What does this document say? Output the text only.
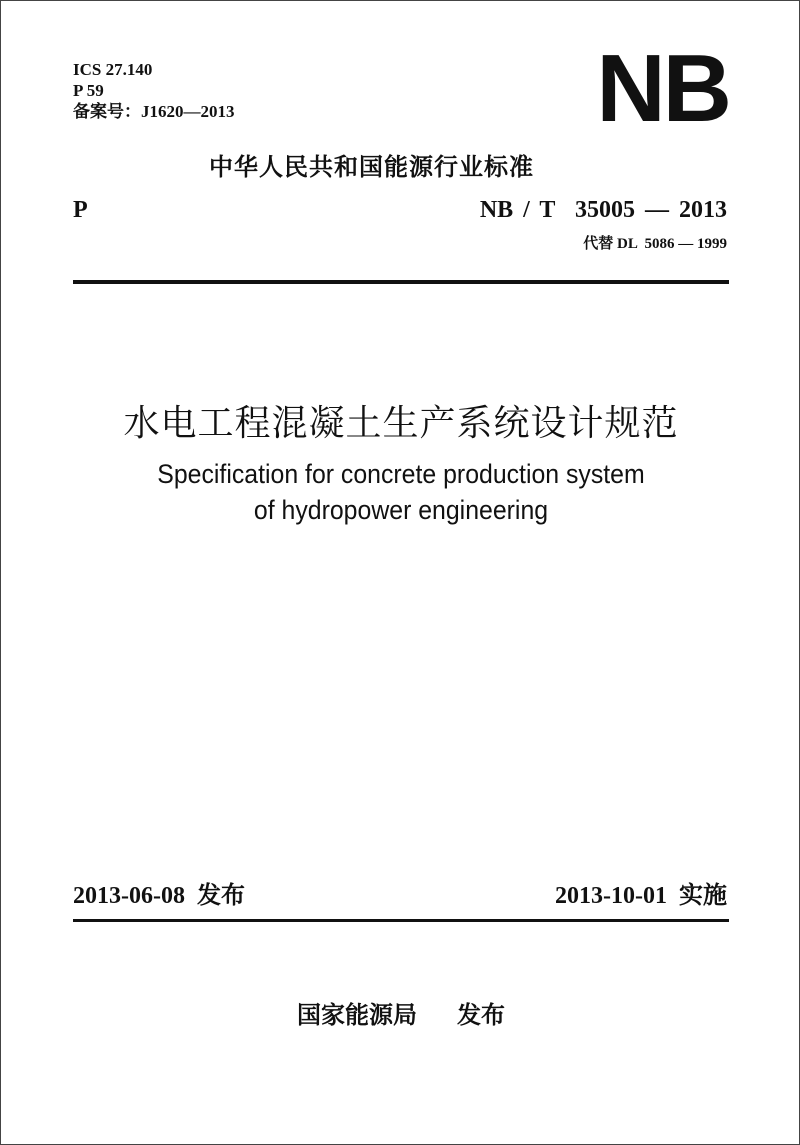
ICS 27.140
P 59
备案号：J1620—2013	NB
中华人民共和国能源行业标准
P	NB / T  35005 — 2013
代替 DL  5086 — 1999
水电工程混凝土生产系统设计规范
Specification for concrete production system
of hydropower engineering
2013-06-08  发布	2013-10-01  实施
国家能源局 发布
